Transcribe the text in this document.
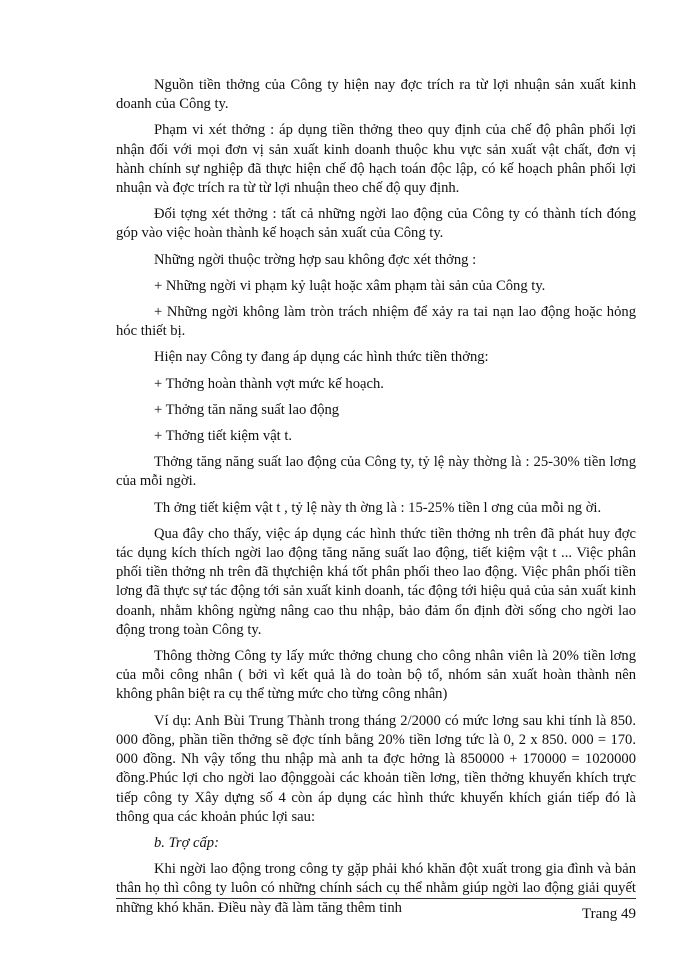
Nguồn tiền thởng của Công ty hiện nay đợc trích ra từ lợi nhuận sản xuất kinh doanh của Công ty.

Phạm vi xét thởng : áp dụng tiền thởng theo quy định của chế độ phân phối lợi nhận đối với mọi đơn vị sản xuất kinh doanh thuộc khu vực sản xuất vật chất, đơn vị hành chính sự nghiệp đã thực hiện chế độ hạch toán độc lập, có kế hoạch phân phối lợi nhuận và đợc trích ra từ từ lợi nhuận theo chế độ quy định.

Đối tợng xét thởng : tất cả những ngời lao động của Công ty có thành tích đóng góp vào việc hoàn thành kế hoạch sản xuất của Công ty.

Những ngời thuộc trờng hợp sau không đợc xét thởng :

+ Những ngời vi phạm kỷ luật hoặc xâm phạm tài sản của Công ty.

+ Những ngời không làm tròn trách nhiệm để xảy ra tai nạn lao động hoặc hỏng hóc thiết bị.

Hiện nay Công ty đang áp dụng các hình thức tiền thởng:

+ Thởng hoàn thành vợt mức kế hoạch.

+ Thởng tăn năng suất lao động

+ Thởng tiết kiệm vật t.

Thởng tăng năng suất lao động của Công ty, tỷ lệ này thờng là : 25-30% tiền lơng của mỗi ngời.

Th ởng tiết kiệm vật t , tỷ lệ này th ờng là : 15-25% tiền l ơng của mỗi ng ời.

Qua đây cho thấy, việc áp dụng các hình thức tiền thởng nh trên đã phát huy đợc tác dụng kích thích ngời lao động tăng năng suất lao động, tiết kiệm vật t ... Việc phân phối tiền thởng nh trên đã thựchiện khá tốt phân phối theo lao động. Việc phân phối tiền lơng đã thực sự tác động tới sản xuất kinh doanh, tác động tới hiệu quả của sản xuất kinh doanh, nhằm không ngừng nâng cao thu nhập, bảo đảm ổn định đời sống cho ngời lao động trong toàn Công ty.

Thông thờng Công ty lấy mức thởng chung cho công nhân viên là 20% tiền lơng của mỗi công nhân ( bởi vì kết quả là do toàn bộ tổ, nhóm sản xuất hoàn thành nên không phân biệt ra cụ thể từng mức cho từng công nhân)

Ví dụ: Anh Bùi Trung Thành trong tháng 2/2000 có mức lơng sau khi tính là 850. 000 đồng, phần tiền thởng sẽ đợc tính bằng 20% tiền lơng tức là 0, 2 x 850. 000 = 170. 000 đồng. Nh vậy tổng thu nhập mà anh ta đợc hởng là 850000 + 170000 = 1020000 đồng.Phúc lợi cho ngời lao độnggoài các khoản tiền lơng, tiền thởng khuyến khích trực tiếp công ty Xây dựng số 4 còn áp dụng các hình thức khuyến khích gián tiếp đó là thông qua các khoản phúc lợi sau:

b. Trợ cấp:

Khi ngời lao động trong công ty gặp phải khó khăn đột xuất trong gia đình và bản thân họ thì công ty luôn có những chính sách cụ thể nhằm giúp ngời lao động giải quyết những khó khăn. Điều này đã làm tăng thêm tinh	Trang 49
